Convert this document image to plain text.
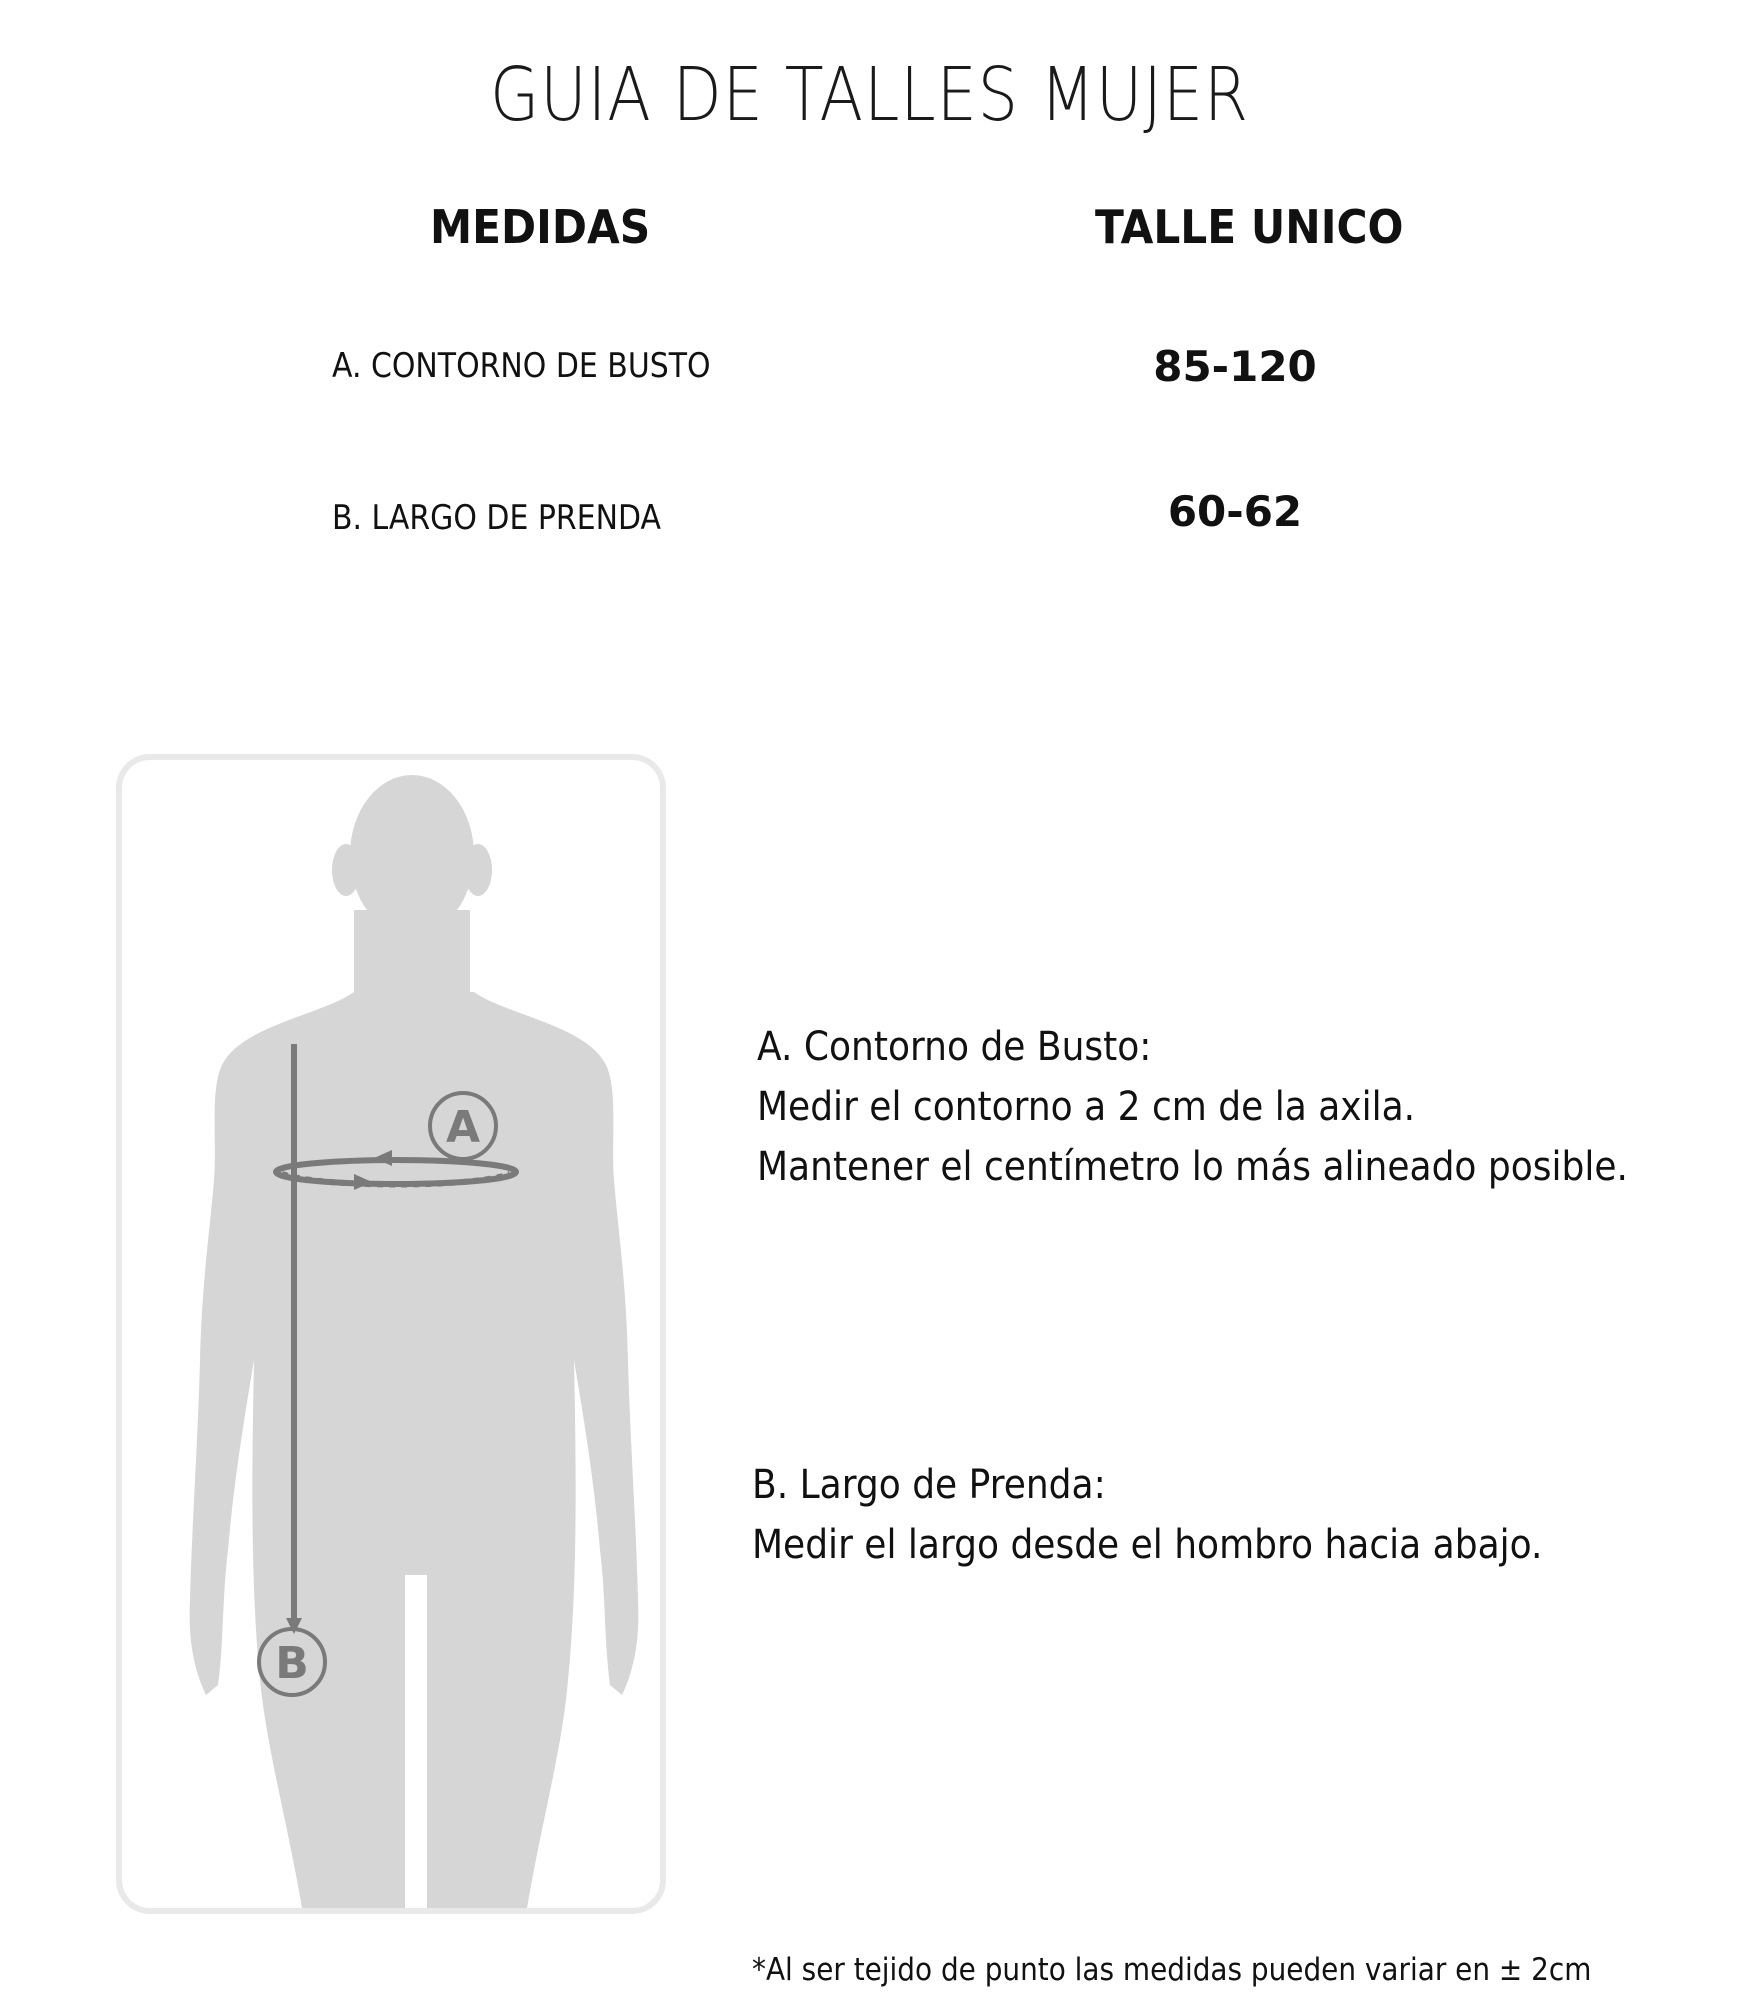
GUIA DE TALLES MUJER
MEDIDAS	TALLE UNICO
A. CONTORNO DE BUSTO	85-120
B. LARGO DE PRENDA	60-62
A
B
A. Contorno de Busto:
Medir el contorno a 2 cm de la axila.
Mantener el centímetro lo más alineado posible.
B. Largo de Prenda:
Medir el largo desde el hombro hacia abajo.
*Al ser tejido de punto las medidas pueden variar en ± 2cm
